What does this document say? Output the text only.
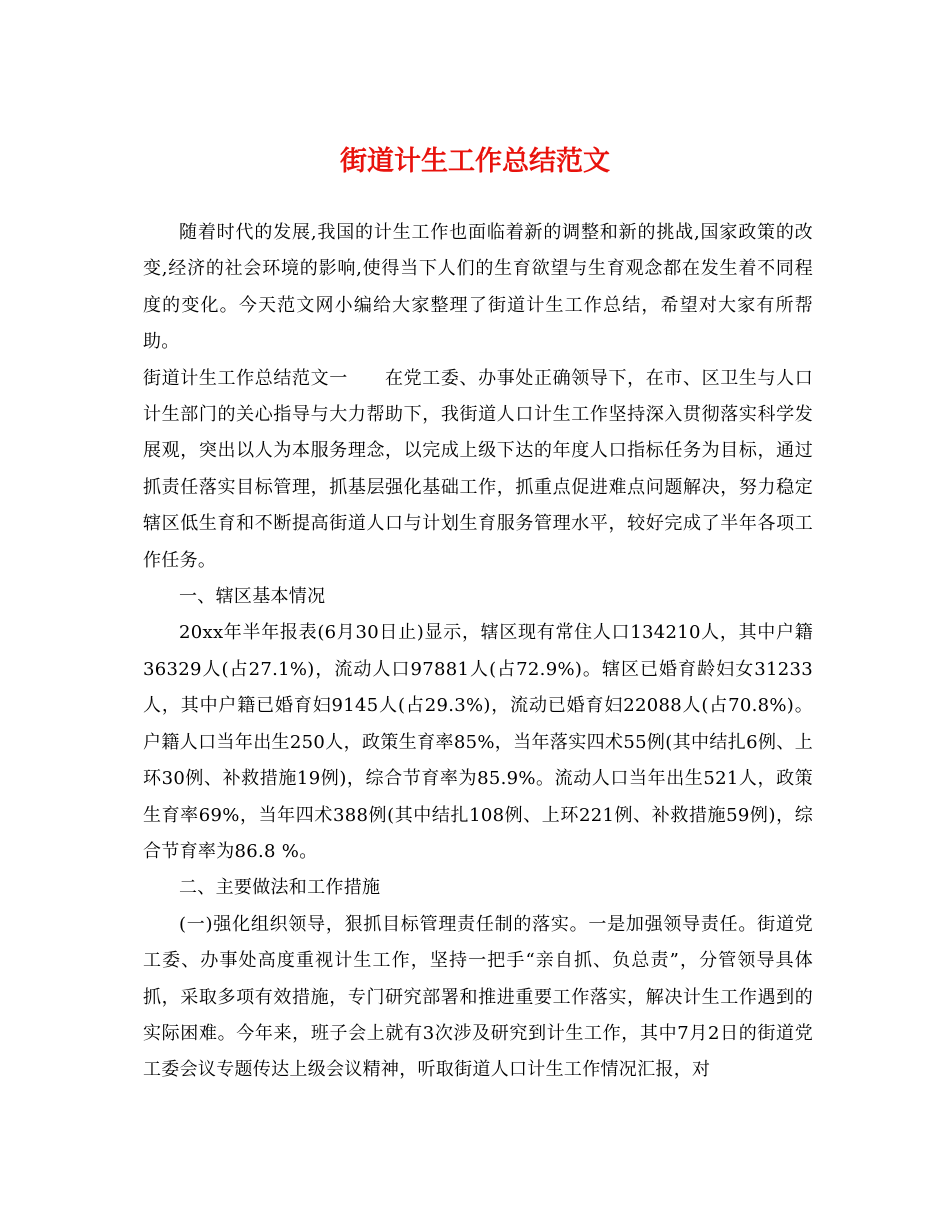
街道计生工作总结范文

随着时代的发展,我国的计生工作也面临着新的调整和新的挑战,国家政策的改变,经济的社会环境的影响,使得当下人们的生育欲望与生育观念都在发生着不同程度的变化。今天范文网小编给大家整理了街道计生工作总结，希望对大家有所帮助。

街道计生工作总结范文一　　在党工委、办事处正确领导下，在市、区卫生与人口计生部门的关心指导与大力帮助下，我街道人口计生工作坚持深入贯彻落实科学发展观，突出以人为本服务理念，以完成上级下达的年度人口指标任务为目标，通过抓责任落实目标管理，抓基层强化基础工作，抓重点促进难点问题解决，努力稳定辖区低生育和不断提高街道人口与计划生育服务管理水平，较好完成了半年各项工作任务。

一、辖区基本情况

20xx年半年报表(6月30日止)显示，辖区现有常住人口134210人，其中户籍36329人(占27.1%)，流动人口97881人(占72.9%)。辖区已婚育龄妇女31233人，其中户籍已婚育妇9145人(占29.3%)，流动已婚育妇22088人(占70.8%)。户籍人口当年出生250人，政策生育率85%，当年落实四术55例(其中结扎6例、上环30例、补救措施19例)，综合节育率为85.9%。流动人口当年出生521人，政策生育率69%，当年四术388例(其中结扎108例、上环221例、补救措施59例)，综合节育率为86.8 %。

二、主要做法和工作措施

(一)强化组织领导，狠抓目标管理责任制的落实。一是加强领导责任。街道党工委、办事处高度重视计生工作，坚持一把手“亲自抓、负总责”，分管领导具体抓，采取多项有效措施，专门研究部署和推进重要工作落实，解决计生工作遇到的实际困难。今年来，班子会上就有3次涉及研究到计生工作，其中7月2日的街道党工委会议专题传达上级会议精神，听取街道人口计生工作情况汇报，对
